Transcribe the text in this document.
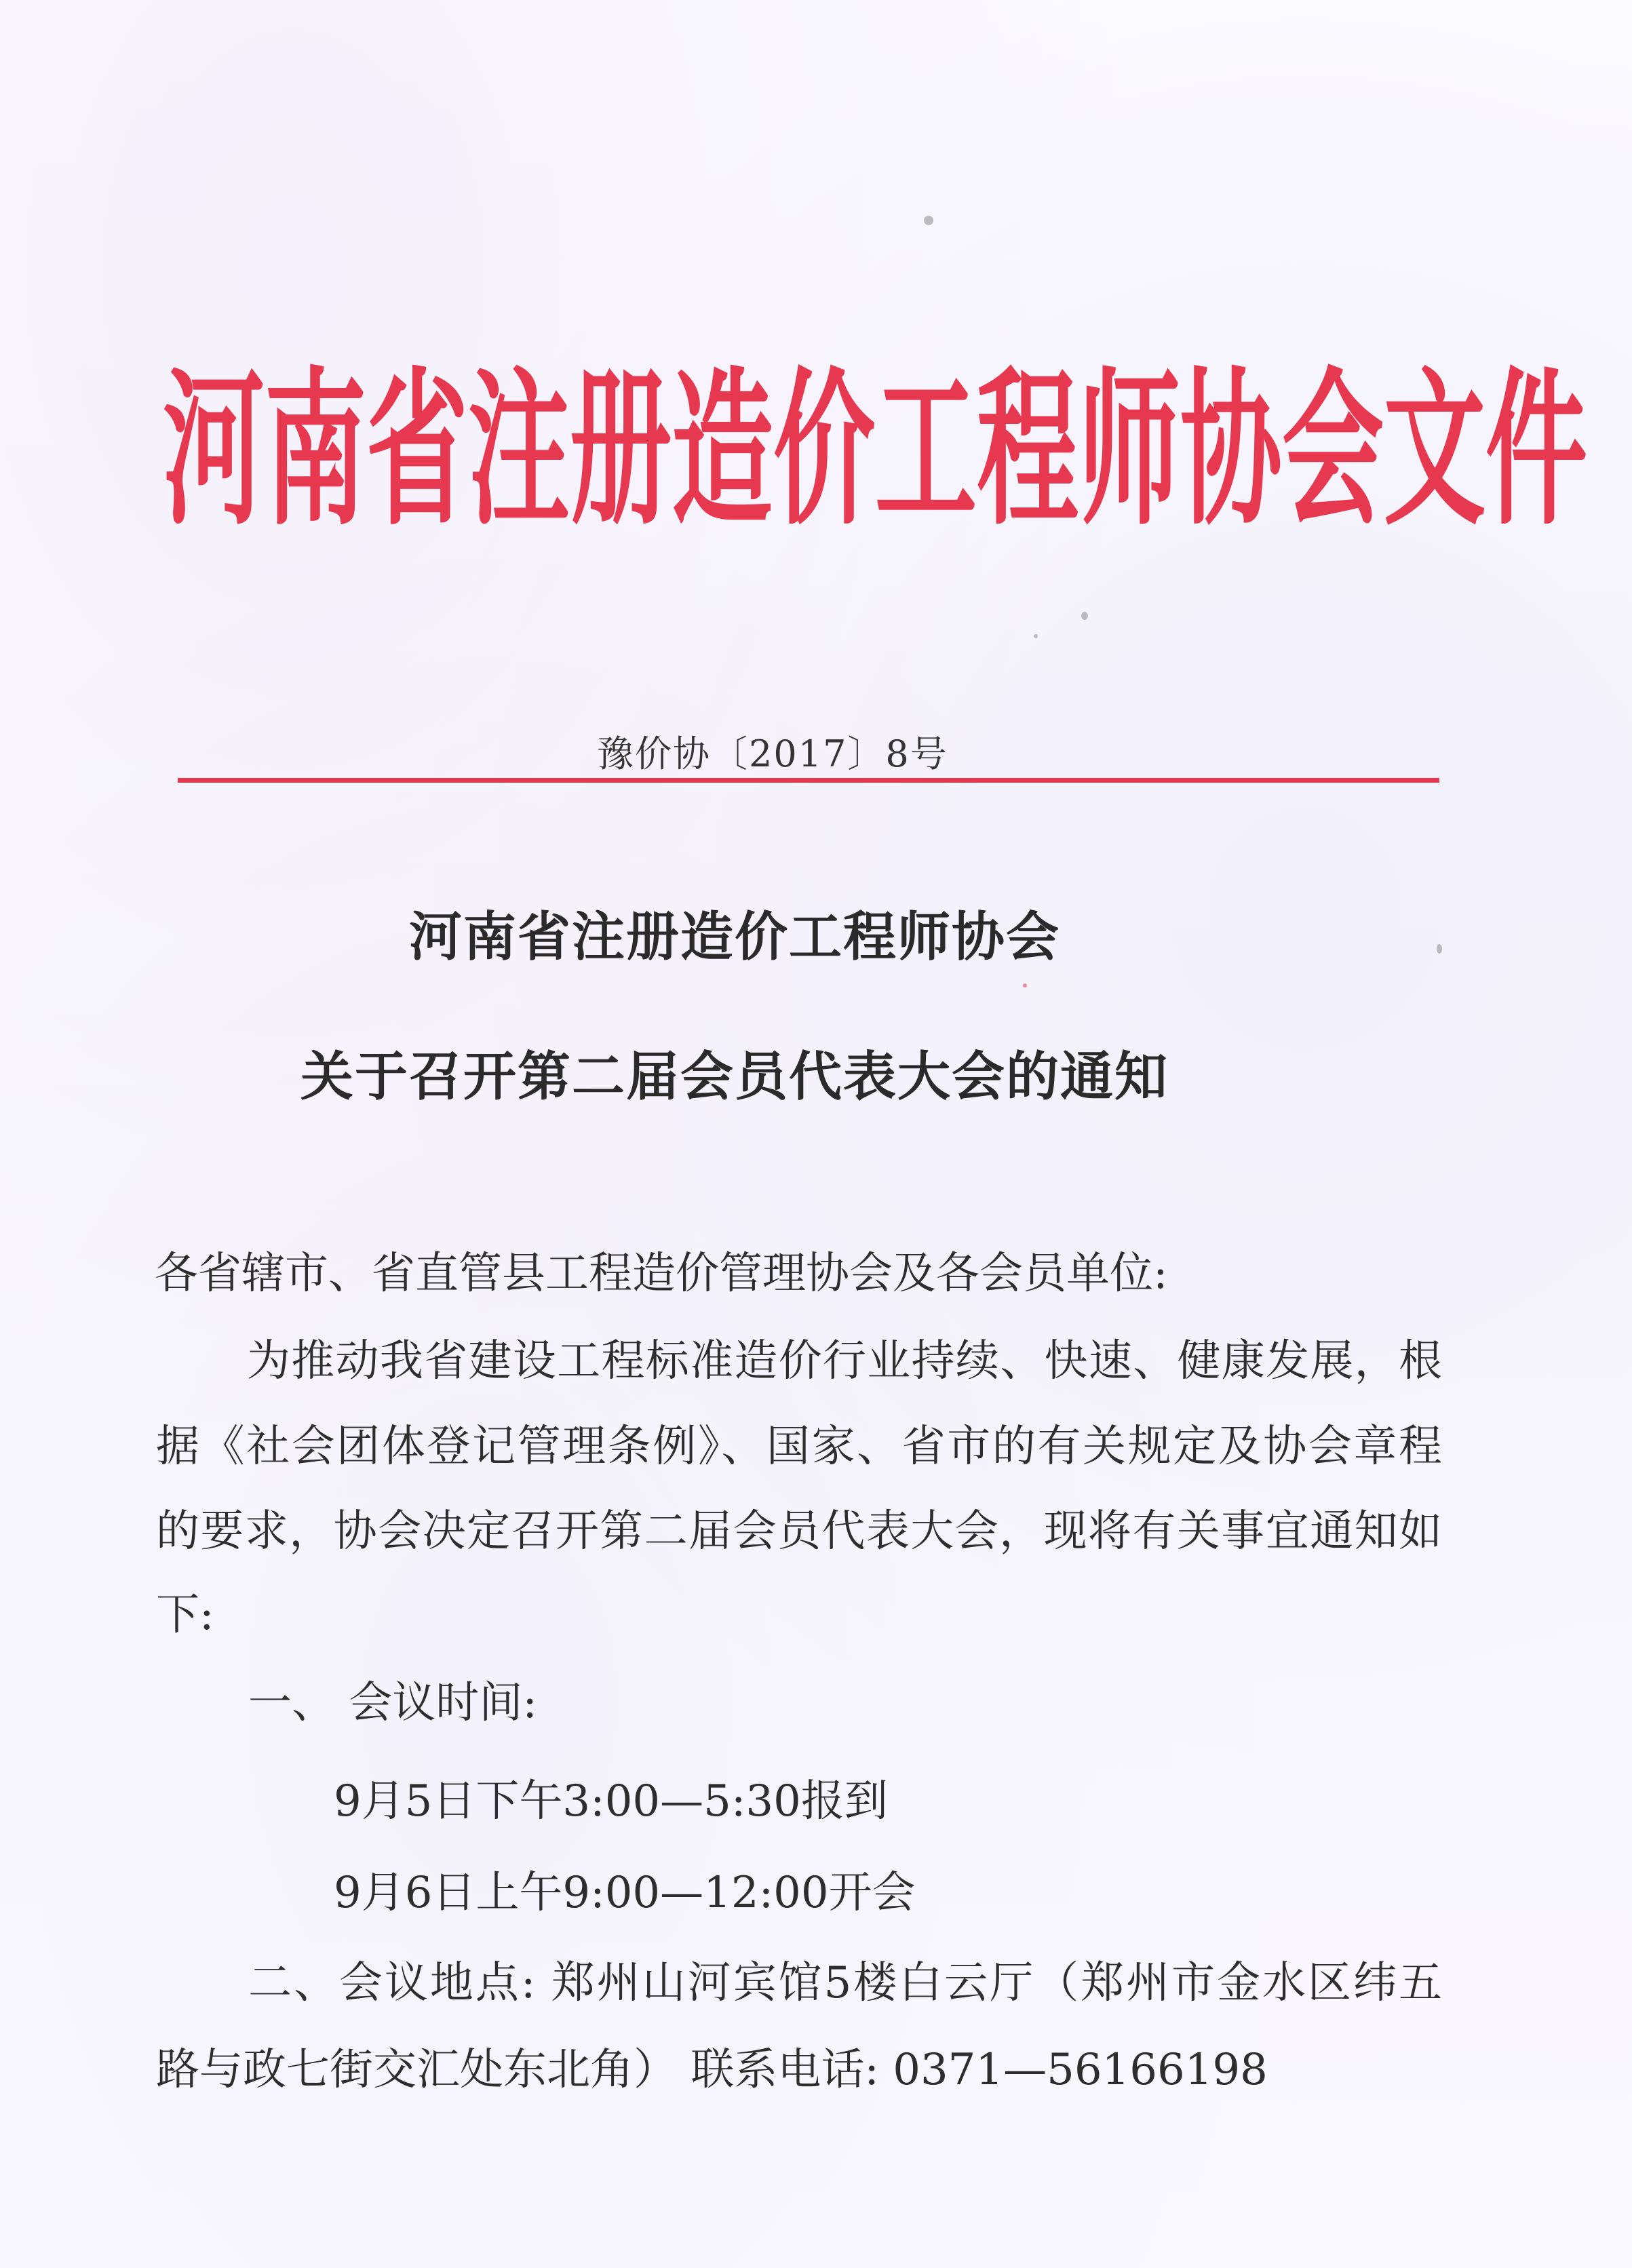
河南省注册造价工程师协会文件
豫价协〔2017〕8号
河南省注册造价工程师协会
关于召开第二届会员代表大会的通知
各省辖市、省直管县工程造价管理协会及各会员单位:
为推动我省建设工程标准造价行业持续、快速、健康发展，根
据《社会团体登记管理条例》、国家、省市的有关规定及协会章程
的要求，协会决定召开第二届会员代表大会，现将有关事宜通知如
下:
一、 会议时间:
9月5日下午3:00—5:30报到
9月6日上午9:00—12:00开会
二、会议地点: 郑州山河宾馆5楼白云厅（郑州市金水区纬五
路与政七街交汇处东北角） 联系电话: 0371—56166198
